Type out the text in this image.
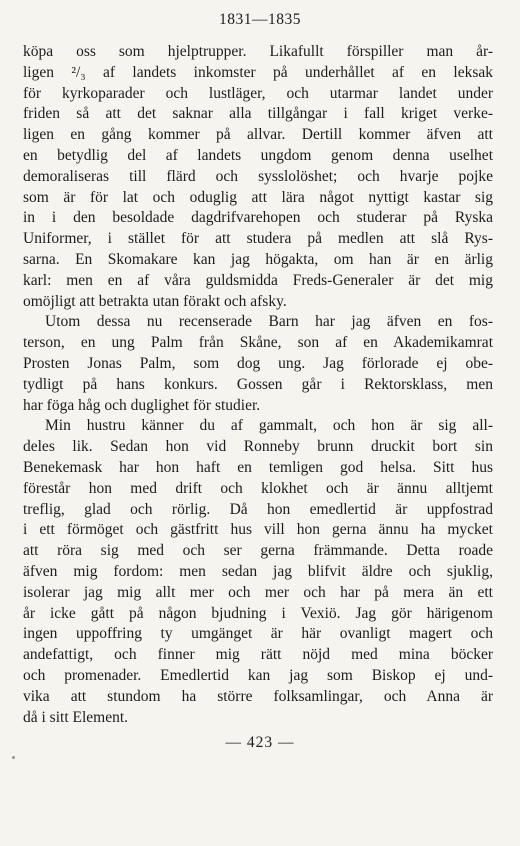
1831—1835
köpa oss som hjelptrupper. Likafullt förspiller man år-
ligen ²/₃ af landets inkomster på underhållet af en leksak
för kyrkoparader och lustläger, och utarmar landet under
friden så att det saknar alla tillgångar i fall kriget verke-
ligen en gång kommer på allvar. Dertill kommer äfven att
en betydlig del af landets ungdom genom denna uselhet
demoraliseras till flärd och sysslolöshet; och hvarje pojke
som är för lat och oduglig att lära något nyttigt kastar sig
in i den besoldade dagdrifvarehopen och studerar på Ryska
Uniformer, i stället för att studera på medlen att slå Rys-
sarna. En Skomakare kan jag högakta, om han är en ärlig
karl: men en af våra guldsmidda Freds-Generaler är det mig
omöjligt att betrakta utan förakt och afsky.
Utom dessa nu recenserade Barn har jag äfven en fos-
terson, en ung Palm från Skåne, son af en Akademikamrat
Prosten Jonas Palm, som dog ung. Jag förlorade ej obe-
tydligt på hans konkurs. Gossen går i Rektorsklass, men
har föga håg och duglighet för studier.
Min hustru känner du af gammalt, och hon är sig all-
deles lik. Sedan hon vid Ronneby brunn druckit bort sin
Benekemask har hon haft en temligen god helsa. Sitt hus
förestår hon med drift och klokhet och är ännu alltjemt
treflig, glad och rörlig. Då hon emedlertid är uppfostrad
i ett förmöget och gästfritt hus vill hon gerna ännu ha mycket
att röra sig med och ser gerna främmande. Detta roade
äfven mig fordom: men sedan jag blifvit äldre och sjuklig,
isolerar jag mig allt mer och mer och har på mera än ett
år icke gått på någon bjudning i Vexiö. Jag gör härigenom
ingen uppoffring ty umgänget är här ovanligt magert och
andefattigt, och finner mig rätt nöjd med mina böcker
och promenader. Emedlertid kan jag som Biskop ej und-
vika att stundom ha större folksamlingar, och Anna är
då i sitt Element.
— 423 —
